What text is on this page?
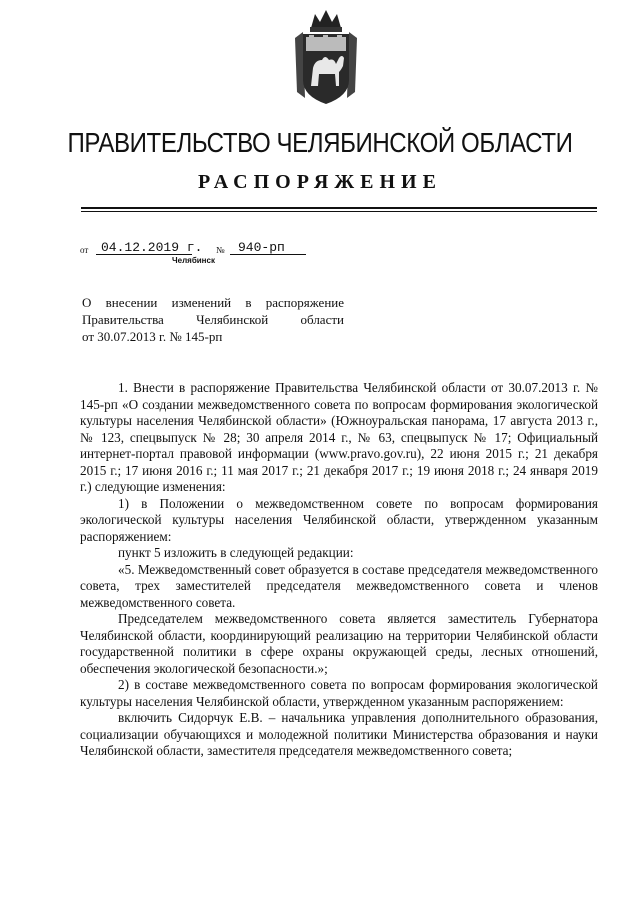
ПРАВИТЕЛЬСТВО ЧЕЛЯБИНСКОЙ ОБЛАСТИ
РАСПОРЯЖЕНИЕ
от 04.12.2019 г. № 940-рп
Челябинск
О внесении изменений в распоряжение
Правительства Челябинской области
от 30.07.2013 г. № 145-рп

1. Внести в распоряжение Правительства Челябинской области от 30.07.2013 г. № 145-рп «О создании межведомственного совета по вопросам формирования экологической культуры населения Челябинской области» (Южноуральская панорама, 17 августа 2013 г., № 123, спецвыпуск № 28; 30 апреля 2014 г., № 63, спецвыпуск № 17; Официальный интернет-портал правовой информации (www.pravo.gov.ru), 22 июня 2015 г.; 21 декабря 2015 г.; 17 июня 2016 г.; 11 мая 2017 г.; 21 декабря 2017 г.; 19 июня 2018 г.; 24 января 2019 г.) следующие изменения:

1) в Положении о межведомственном совете по вопросам формирования экологической культуры населения Челябинской области, утвержденном указанным распоряжением:

пункт 5 изложить в следующей редакции:

«5. Межведомственный совет образуется в составе председателя межведомственного совета, трех заместителей председателя межведомственного совета и членов межведомственного совета.

Председателем межведомственного совета является заместитель Губернатора Челябинской области, координирующий реализацию на территории Челябинской области государственной политики в сфере охраны окружающей среды, лесных отношений, обеспечения экологической безопасности.»;

2) в составе межведомственного совета по вопросам формирования экологической культуры населения Челябинской области, утвержденном указанным распоряжением:

включить Сидорчук Е.В. – начальника управления дополнительного образования, социализации обучающихся и молодежной политики Министерства образования и науки Челябинской области, заместителя председателя межведомственного совета;
